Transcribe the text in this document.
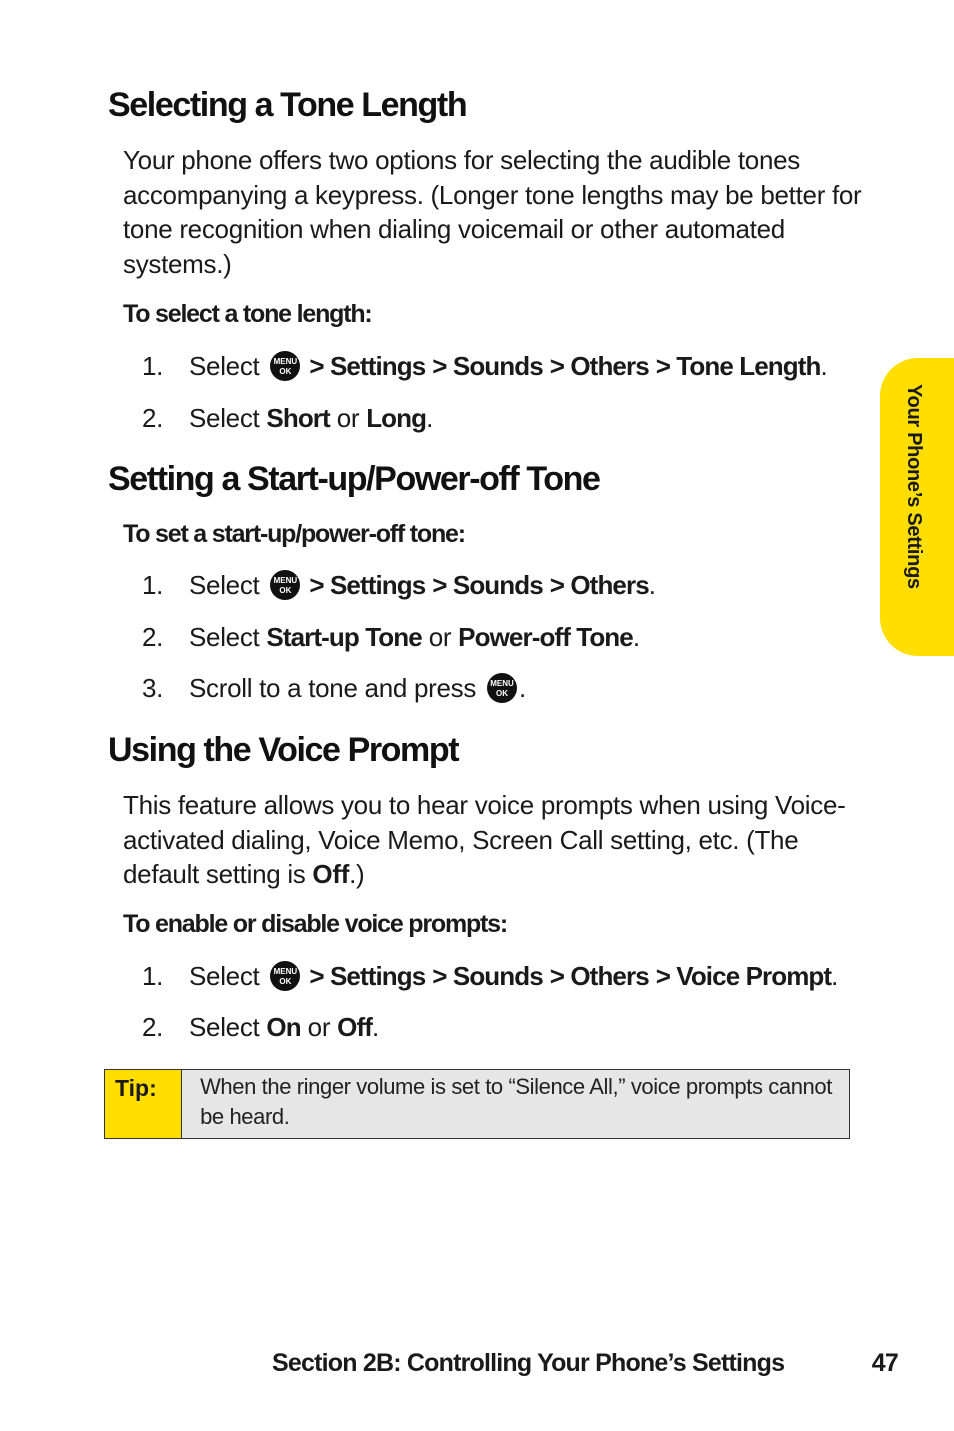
Selecting a Tone Length

Your phone offers two options for selecting the audible tones accompanying a keypress. (Longer tone lengths may be better for tone recognition when dialing voicemail or other automated systems.)

To select a tone length:

1. Select	MENU
OK > Settings > Sounds > Others > Tone Length.
2. Select Short or Long.
Setting a Start-up/Power-off Tone

To set a start-up/power-off tone:

1. Select	MENU
OK > Settings > Sounds > Others.
2. Select Start-up Tone or Power-off Tone.
3. Scroll to a tone and press	MENU
OK .
Using the Voice Prompt

This feature allows you to hear voice prompts when using Voice-activated dialing, Voice Memo, Screen Call setting, etc. (The default setting is Off.)

To enable or disable voice prompts:

1. Select	MENU
OK > Settings > Sounds > Others > Voice Prompt.
2. Select On or Off.
Tip:	When the ringer volume is set to “Silence All,” voice prompts cannot be heard.
Your Phone’s Settings
Section 2B: Controlling Your Phone’s Settings	47
